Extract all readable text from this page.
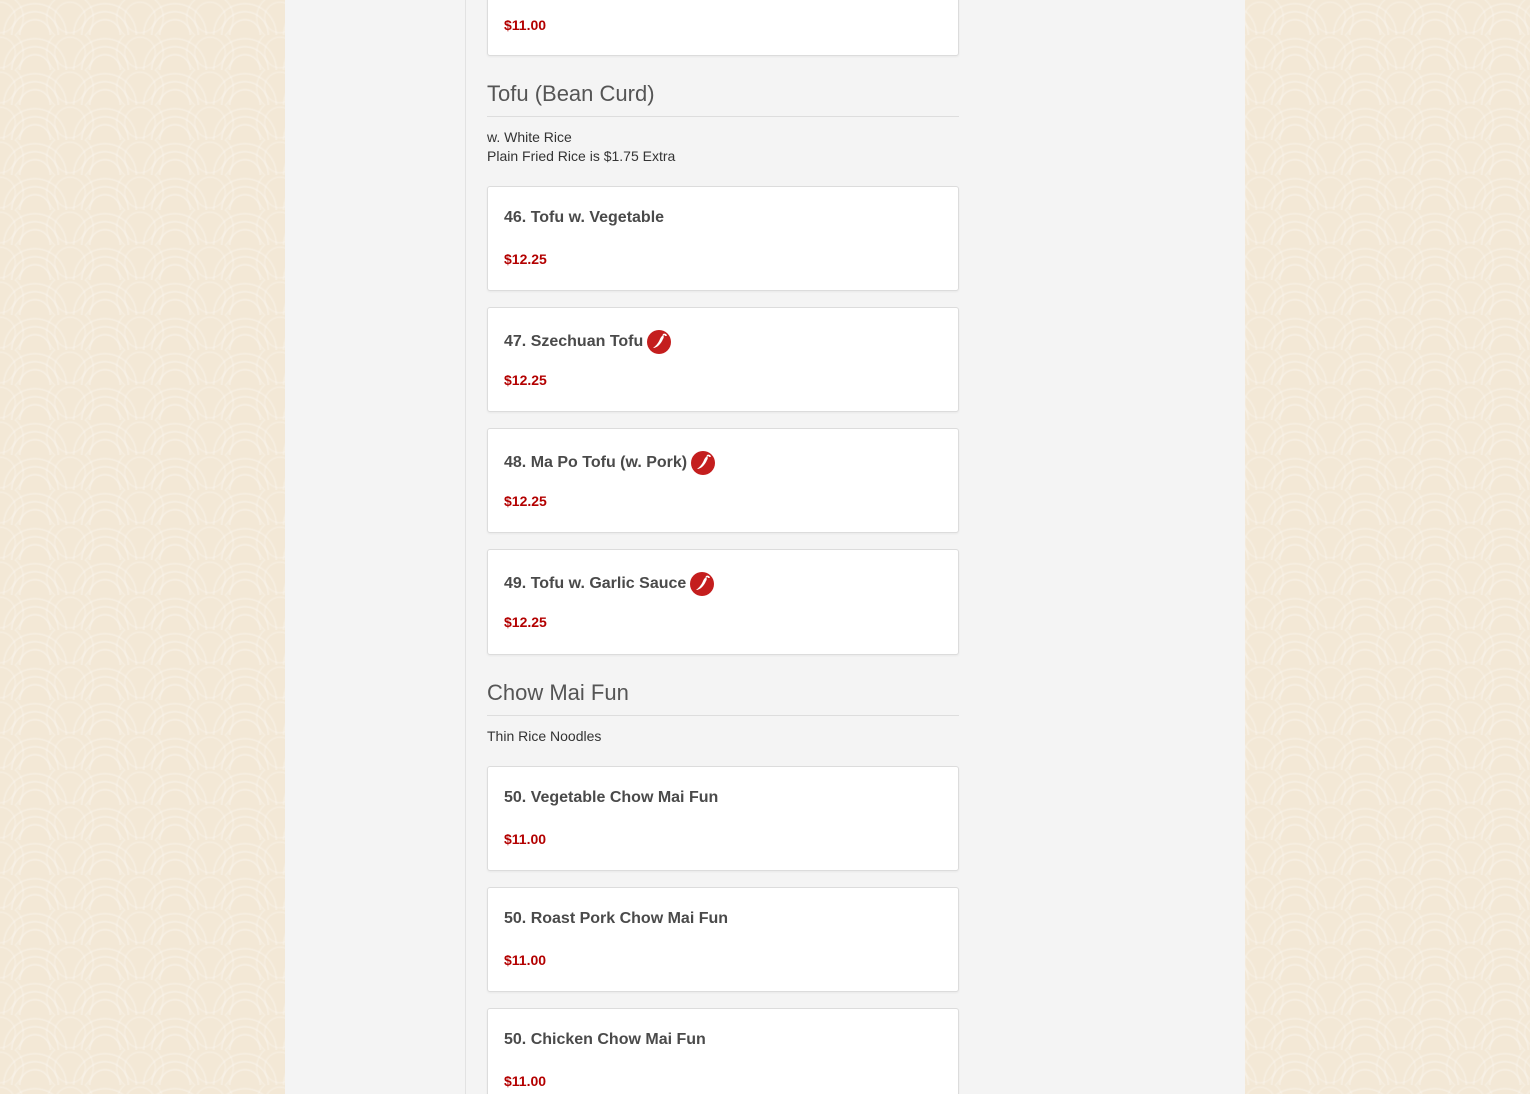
$11.00
Tofu (Bean Curd)
w. White Rice
Plain Fried Rice is $1.75 Extra
46. Tofu w. Vegetable
$12.25
47. Szechuan Tofu
$12.25
48. Ma Po Tofu (w. Pork)
$12.25
49. Tofu w. Garlic Sauce
$12.25
Chow Mai Fun
Thin Rice Noodles
50. Vegetable Chow Mai Fun
$11.00
50. Roast Pork Chow Mai Fun
$11.00
50. Chicken Chow Mai Fun
$11.00
